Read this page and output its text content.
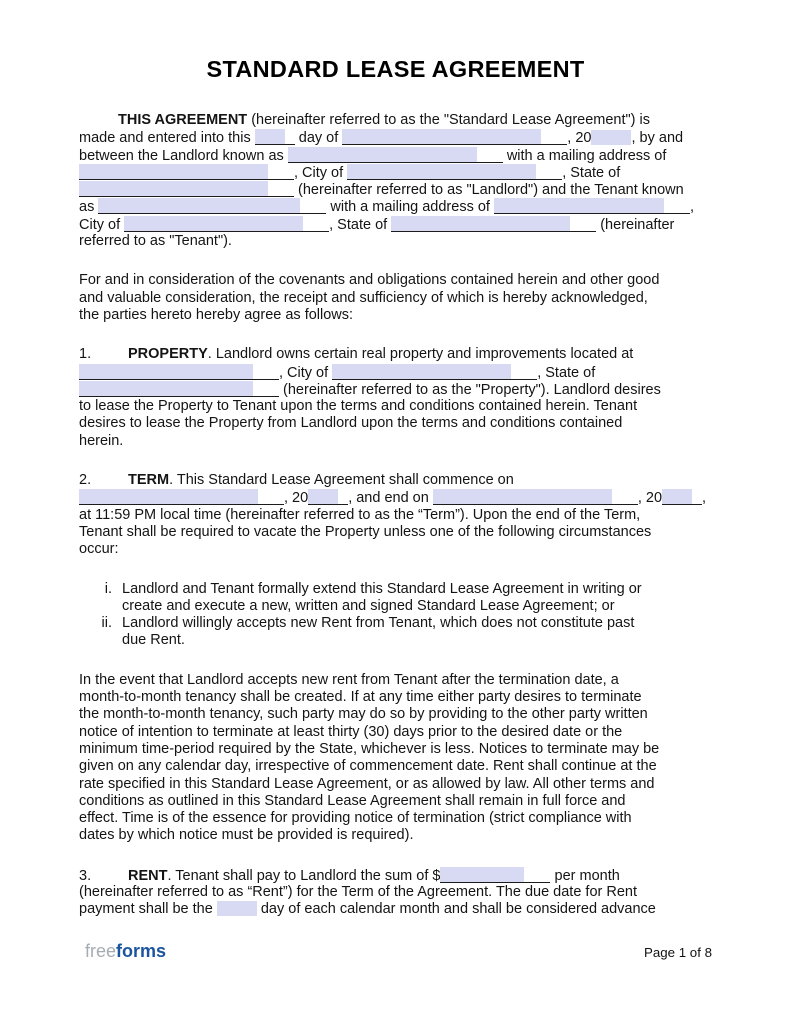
STANDARD LEASE AGREEMENT
THIS AGREEMENT (hereinafter referred to as the "Standard Lease Agreement") is
made and entered into this	day of	, 20	, by and
between the Landlord known as	with a mailing address of
, City of	, State of
(hereinafter referred to as "Landlord") and the Tenant known
as	with a mailing address of	,
City of	, State of	(hereinafter
referred to as "Tenant").
For and in consideration of the covenants and obligations contained herein and other good
and valuable consideration, the receipt and sufficiency of which is hereby acknowledged,
the parties hereto hereby agree as follows:
1.	PROPERTY. Landlord owns certain real property and improvements located at
, City of	, State of
(hereinafter referred to as the "Property"). Landlord desires
to lease the Property to Tenant upon the terms and conditions contained herein. Tenant
desires to lease the Property from Landlord upon the terms and conditions contained
herein.
2.	TERM. This Standard Lease Agreement shall commence on
, 20	, and end on	, 20	,
at 11:59 PM local time (hereinafter referred to as the “Term”). Upon the end of the Term,
Tenant shall be required to vacate the Property unless one of the following circumstances
occur:
i. Landlord and Tenant formally extend this Standard Lease Agreement in writing or
create and execute a new, written and signed Standard Lease Agreement; or
ii. Landlord willingly accepts new Rent from Tenant, which does not constitute past
due Rent.
In the event that Landlord accepts new rent from Tenant after the termination date, a
month-to-month tenancy shall be created. If at any time either party desires to terminate
the month-to-month tenancy, such party may do so by providing to the other party written
notice of intention to terminate at least thirty (30) days prior to the desired date or the
minimum time-period required by the State, whichever is less. Notices to terminate may be
given on any calendar day, irrespective of commencement date. Rent shall continue at the
rate specified in this Standard Lease Agreement, or as allowed by law. All other terms and
conditions as outlined in this Standard Lease Agreement shall remain in full force and
effect. Time is of the essence for providing notice of termination (strict compliance with
dates by which notice must be provided is required).
3.	RENT. Tenant shall pay to Landlord the sum of $	per month
(hereinafter referred to as “Rent”) for the Term of the Agreement. The due date for Rent
payment shall be the	day of each calendar month and shall be considered advance
freeforms	Page 1 of 8
